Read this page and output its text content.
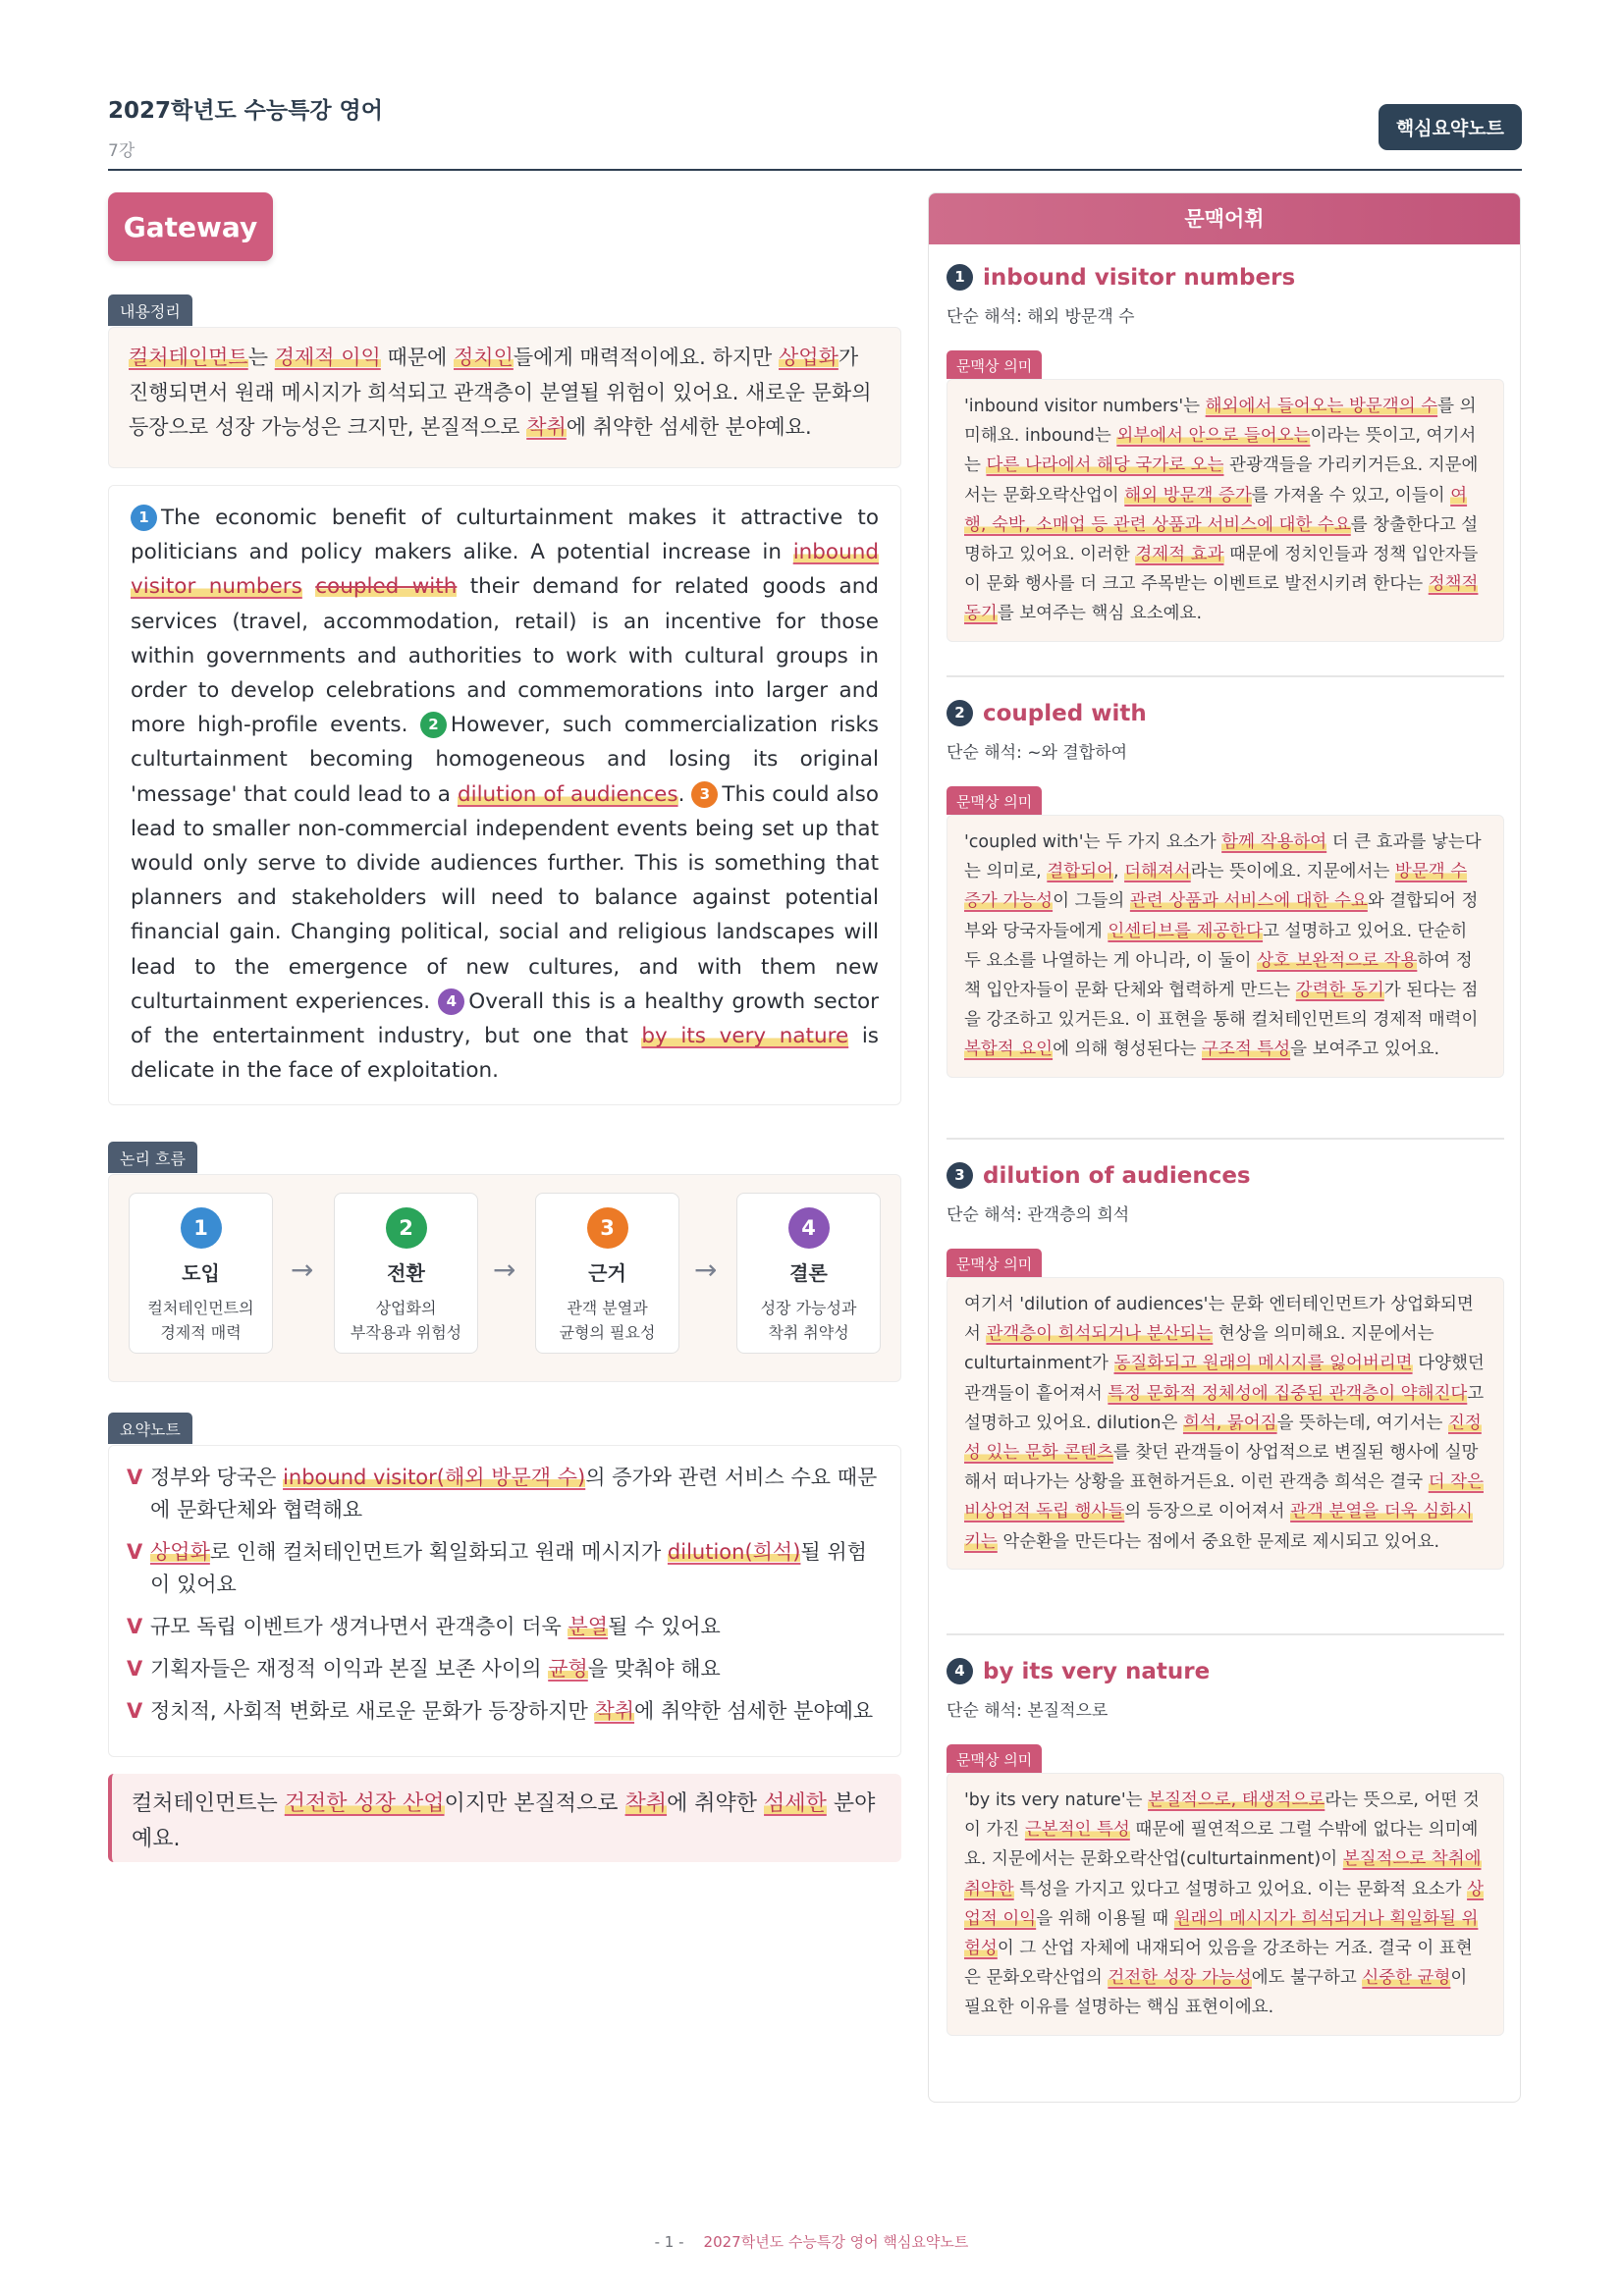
2027학년도 수능특강 영어
7강
핵심요약노트
Gateway
내용정리
컬처테인먼트는 경제적 이익 때문에 정치인들에게 매력적이에요. 하지만 상업화가 진행되면서 원래 메시지가 희석되고 관객층이 분열될 위험이 있어요. 새로운 문화의 등장으로 성장 가능성은 크지만, 본질적으로 착취에 취약한 섬세한 분야예요.
1 The economic benefit of culturtainment makes it attractive to politicians and policy makers alike. A potential increase in inbound visitor numbers coupled with their demand for related goods and services (travel, accommodation, retail) is an incentive for those within governments and authorities to work with cultural groups in order to develop celebrations and commemorations into larger and more high-profile events. 2 However, such commercialization risks culturtainment becoming homogeneous and losing its original 'message' that could lead to a dilution of audiences. 3 This could also lead to smaller non-commercial independent events being set up that would only serve to divide audiences further. This is something that planners and stakeholders will need to balance against potential financial gain. Changing political, social and religious landscapes will lead to the emergence of new cultures, and with them new culturtainment experiences. 4 Overall this is a healthy growth sector of the entertainment industry, but one that by its very nature is delicate in the face of exploitation.
논리 흐름
1
도입
컬처테인먼트의
경제적 매력
→
2
전환
상업화의
부작용과 위험성
→
3
근거
관객 분열과
균형의 필요성
→
4
결론
성장 가능성과
착취 취약성
요약노트
V 정부와 당국은 inbound visitor(해외 방문객 수)의 증가와 관련 서비스 수요 때문에 문화단체와 협력해요
V 상업화로 인해 컬처테인먼트가 획일화되고 원래 메시지가 dilution(희석)될 위험이 있어요
V 규모 독립 이벤트가 생겨나면서 관객층이 더욱 분열될 수 있어요
V 기획자들은 재정적 이익과 본질 보존 사이의 균형을 맞춰야 해요
V 정치적, 사회적 변화로 새로운 문화가 등장하지만 착취에 취약한 섬세한 분야예요
컬처테인먼트는 건전한 성장 산업이지만 본질적으로 착취에 취약한 섬세한 분야예요.
문맥어휘
1 inbound visitor numbers
단순 해석: 해외 방문객 수
문맥상 의미
'inbound visitor numbers'는 해외에서 들어오는 방문객의 수를 의미해요. inbound는 외부에서 안으로 들어오는이라는 뜻이고, 여기서는 다른 나라에서 해당 국가로 오는 관광객들을 가리키거든요. 지문에서는 문화오락산업이 해외 방문객 증가를 가져올 수 있고, 이들이 여행, 숙박, 소매업 등 관련 상품과 서비스에 대한 수요를 창출한다고 설명하고 있어요. 이러한 경제적 효과 때문에 정치인들과 정책 입안자들이 문화 행사를 더 크고 주목받는 이벤트로 발전시키려 한다는 정책적 동기를 보여주는 핵심 요소예요.
2 coupled with
단순 해석: ~와 결합하여
문맥상 의미
'coupled with'는 두 가지 요소가 함께 작용하여 더 큰 효과를 낳는다는 의미로, 결합되어, 더해져서라는 뜻이에요. 지문에서는 방문객 수 증가 가능성이 그들의 관련 상품과 서비스에 대한 수요와 결합되어 정부와 당국자들에게 인센티브를 제공한다고 설명하고 있어요. 단순히 두 요소를 나열하는 게 아니라, 이 둘이 상호 보완적으로 작용하여 정책 입안자들이 문화 단체와 협력하게 만드는 강력한 동기가 된다는 점을 강조하고 있거든요. 이 표현을 통해 컬처테인먼트의 경제적 매력이 복합적 요인에 의해 형성된다는 구조적 특성을 보여주고 있어요.
3 dilution of audiences
단순 해석: 관객층의 희석
문맥상 의미
여기서 'dilution of audiences'는 문화 엔터테인먼트가 상업화되면서 관객층이 희석되거나 분산되는 현상을 의미해요. 지문에서는 culturtainment가 동질화되고 원래의 메시지를 잃어버리면 다양했던 관객들이 흩어져서 특정 문화적 정체성에 집중된 관객층이 약해진다고 설명하고 있어요. dilution은 희석, 묽어짐을 뜻하는데, 여기서는 진정성 있는 문화 콘텐츠를 찾던 관객들이 상업적으로 변질된 행사에 실망해서 떠나가는 상황을 표현하거든요. 이런 관객층 희석은 결국 더 작은 비상업적 독립 행사들의 등장으로 이어져서 관객 분열을 더욱 심화시키는 악순환을 만든다는 점에서 중요한 문제로 제시되고 있어요.
4 by its very nature
단순 해석: 본질적으로
문맥상 의미
'by its very nature'는 본질적으로, 태생적으로라는 뜻으로, 어떤 것이 가진 근본적인 특성 때문에 필연적으로 그럴 수밖에 없다는 의미예요. 지문에서는 문화오락산업(culturtainment)이 본질적으로 착취에 취약한 특성을 가지고 있다고 설명하고 있어요. 이는 문화적 요소가 상업적 이익을 위해 이용될 때 원래의 메시지가 희석되거나 획일화될 위험성이 그 산업 자체에 내재되어 있음을 강조하는 거죠. 결국 이 표현은 문화오락산업의 건전한 성장 가능성에도 불구하고 신중한 균형이 필요한 이유를 설명하는 핵심 표현이에요.
- 1 - 2027학년도 수능특강 영어 핵심요약노트
